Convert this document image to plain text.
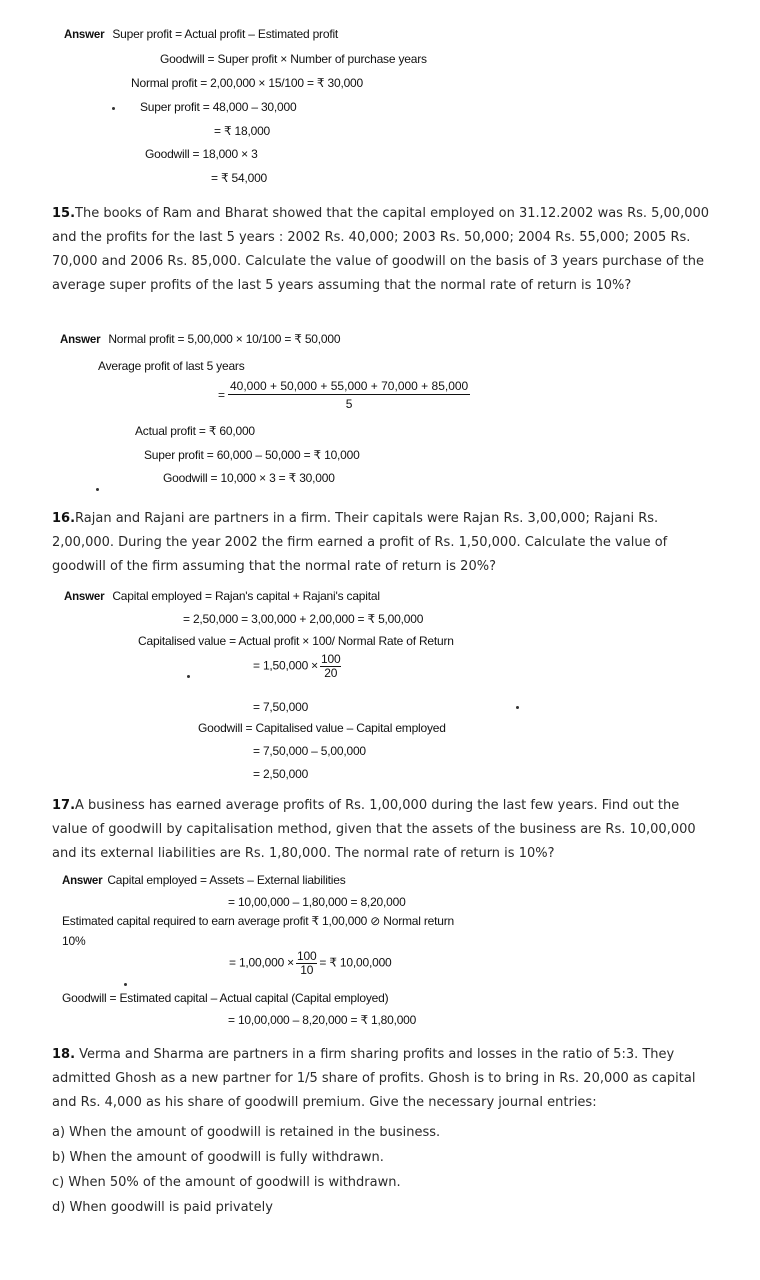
Answer Super profit = Actual profit – Estimated profit
Goodwill = Super profit × Number of purchase years
Normal profit = 2,00,000 × 15/100 = ₹ 30,000
Super profit = 48,000 – 30,000
= ₹ 18,000
Goodwill = 18,000 × 3
= ₹ 54,000
15.The books of Ram and Bharat showed that the capital employed on 31.12.2002 was Rs. 5,00,000 and the profits for the last 5 years : 2002 Rs. 40,000; 2003 Rs. 50,000; 2004 Rs. 55,000; 2005 Rs. 70,000 and 2006 Rs. 85,000. Calculate the value of goodwill on the basis of 3 years purchase of the average super profits of the last 5 years assuming that the normal rate of return is 10%?
Answer Normal profit = 5,00,000 × 10/100 = ₹ 50,000
Average profit of last 5 years
= $\frac{40,000 + 50,000 + 55,000 + 70,000 + 85,000}{5}$
Actual profit = ₹ 60,000
Super profit = 60,000 – 50,000 = ₹ 10,000
Goodwill = 10,000 × 3 = ₹ 30,000
16.Rajan and Rajani are partners in a firm. Their capitals were Rajan Rs. 3,00,000; Rajani Rs. 2,00,000. During the year 2002 the firm earned a profit of Rs. 1,50,000. Calculate the value of goodwill of the firm assuming that the normal rate of return is 20%?
Answer Capital employed = Rajan's capital + Rajani's capital
= 2,50,000 = 3,00,000 + 2,00,000 = ₹ 5,00,000
Capitalised value = Actual profit × 100/ Normal Rate of Return
= $1,50,000 \times \frac{100}{20}$
= 7,50,000
Goodwill = Capitalised value – Capital employed
= 7,50,000 – 5,00,000
= 2,50,000
17.A business has earned average profits of Rs. 1,00,000 during the last few years. Find out the value of goodwill by capitalisation method, given that the assets of the business are Rs. 10,00,000 and its external liabilities are Rs. 1,80,000. The normal rate of return is 10%?
Answer Capital employed = Assets – External liabilities
= 10,00,000 – 1,80,000 = 8,20,000
Estimated capital required to earn average profit ₹ 1,00,000 ⊘ Normal return
10%
= $1,00,000 \times \frac{100}{10}$ = ₹ 10,00,000
Goodwill = Estimated capital – Actual capital (Capital employed)
= 10,00,000 – 8,20,000 = ₹ 1,80,000
18. Verma and Sharma are partners in a firm sharing profits and losses in the ratio of 5:3. They admitted Ghosh as a new partner for 1/5 share of profits. Ghosh is to bring in Rs. 20,000 as capital and Rs. 4,000 as his share of goodwill premium. Give the necessary journal entries:
a) When the amount of goodwill is retained in the business.
b) When the amount of goodwill is fully withdrawn.
c) When 50% of the amount of goodwill is withdrawn.
d) When goodwill is paid privately
